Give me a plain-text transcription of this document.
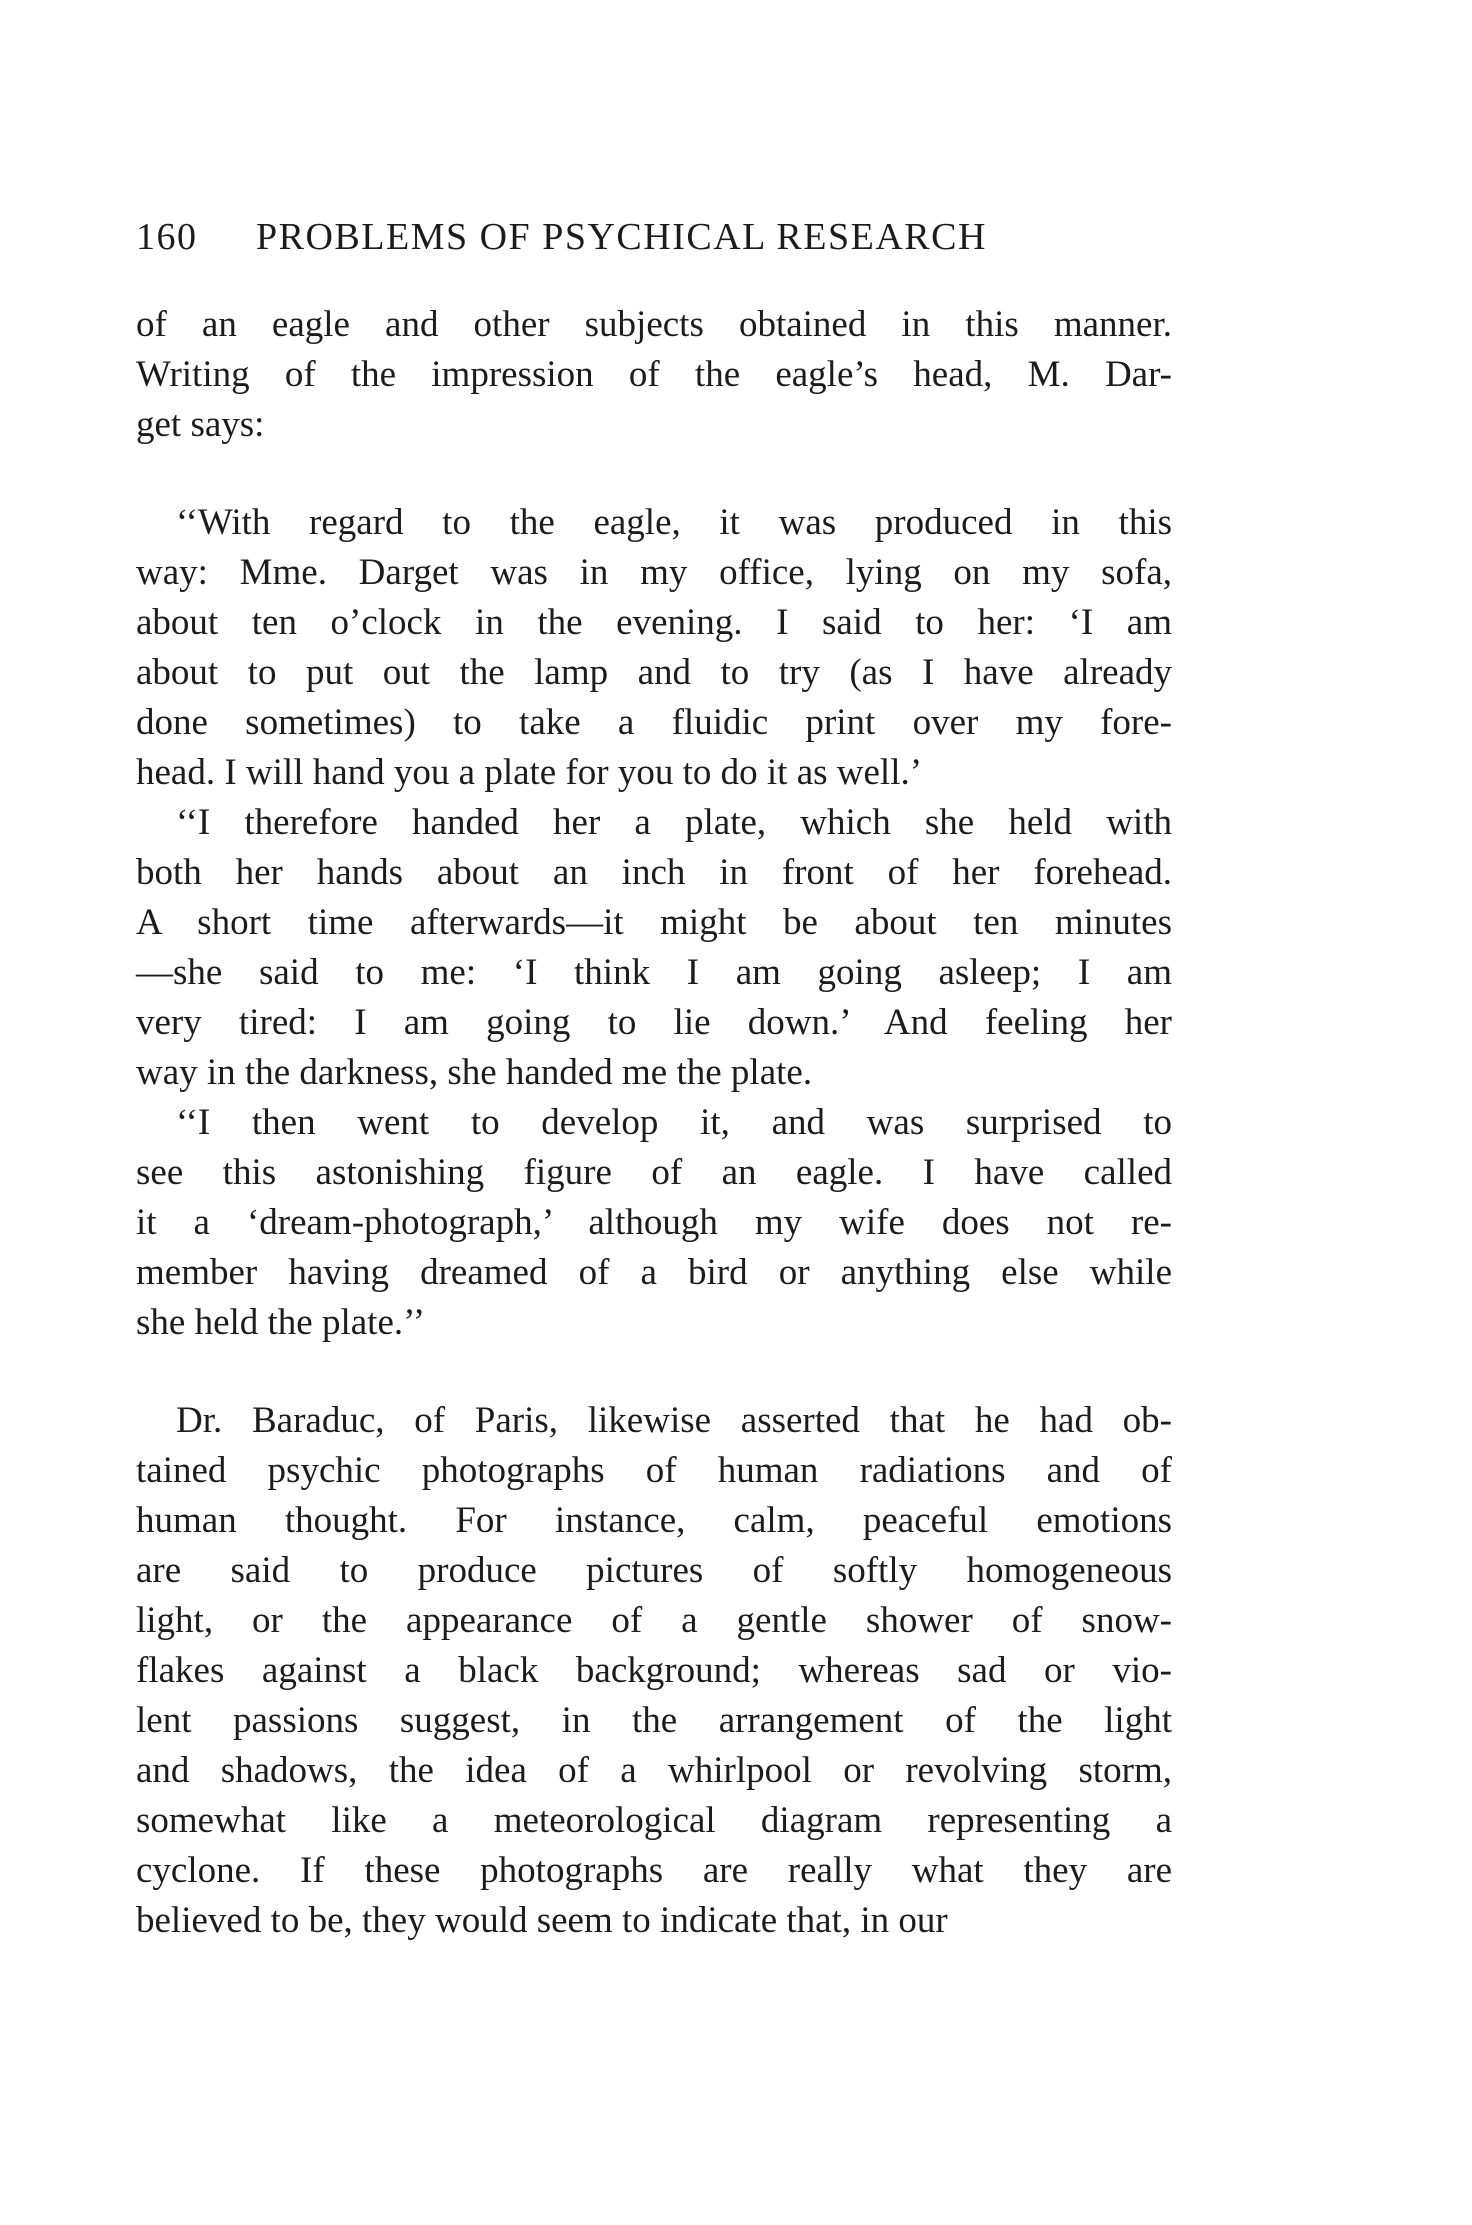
160 PROBLEMS OF PSYCHICAL RESEARCH
of an eagle and other subjects obtained in this manner.
Writing of the impression of the eagle’s head, M. Dar-
get says:
‘‘With regard to the eagle, it was produced in this
way: Mme. Darget was in my office, lying on my sofa,
about ten o’clock in the evening. I said to her: ‘I am
about to put out the lamp and to try (as I have already
done sometimes) to take a fluidic print over my fore-
head. I will hand you a plate for you to do it as well.’
‘‘I therefore handed her a plate, which she held with
both her hands about an inch in front of her forehead.
A short time afterwards—it might be about ten minutes
—she said to me: ‘I think I am going asleep; I am
very tired: I am going to lie down.’ And feeling her
way in the darkness, she handed me the plate.
‘‘I then went to develop it, and was surprised to
see this astonishing figure of an eagle. I have called
it a ‘dream-photograph,’ although my wife does not re-
member having dreamed of a bird or anything else while
she held the plate.’’
Dr. Baraduc, of Paris, likewise asserted that he had ob-
tained psychic photographs of human radiations and of
human thought. For instance, calm, peaceful emotions
are said to produce pictures of softly homogeneous
light, or the appearance of a gentle shower of snow-
flakes against a black background; whereas sad or vio-
lent passions suggest, in the arrangement of the light
and shadows, the idea of a whirlpool or revolving storm,
somewhat like a meteorological diagram representing a
cyclone. If these photographs are really what they are
believed to be, they would seem to indicate that, in our
